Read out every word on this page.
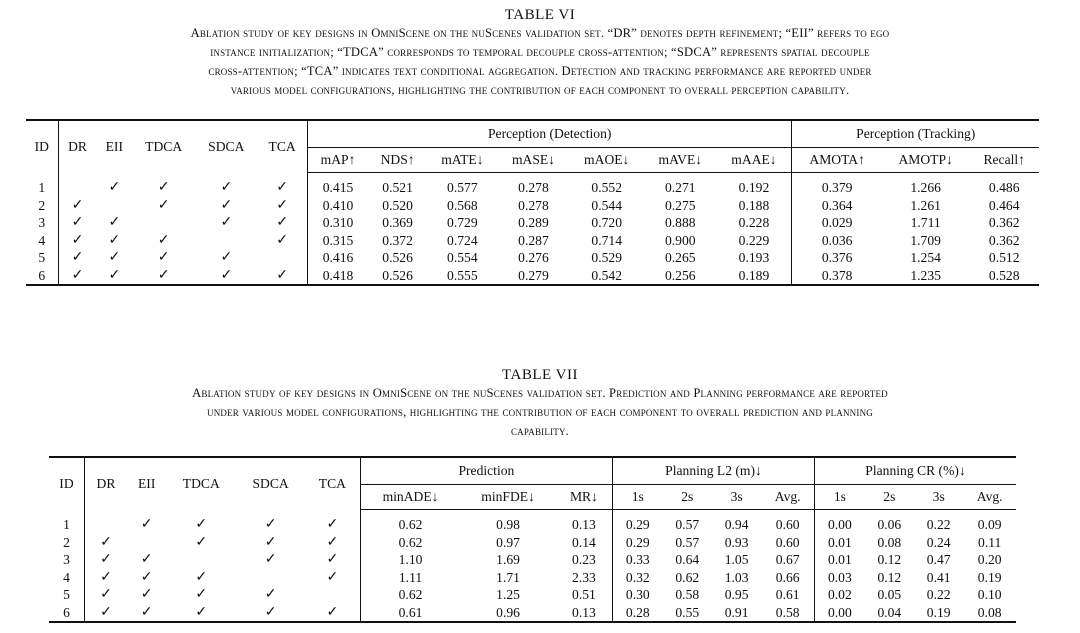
TABLE VI

Ablation study of key designs in OmniScene on the nuScenes validation set. “DR” denotes depth refinement; “EII” refers to ego
instance initialization; “TDCA” corresponds to temporal decouple cross-attention; “SDCA” represents spatial decouple
cross-attention; “TCA” indicates text conditional aggregation. Detection and tracking performance are reported under
various model configurations, highlighting the contribution of each component to overall perception capability.

ID	DR	EII	TDCA	SDCA	TCA	Perception (Detection)							Perception (Tracking)		
						mAP↑	NDS↑	mATE↓	mASE↓	mAOE↓	mAVE↓	mAAE↓	AMOTA↑	AMOTP↓	Recall↑
1		✓	✓	✓	✓	0.415	0.521	0.577	0.278	0.552	0.271	0.192	0.379	1.266	0.486
2	✓		✓	✓	✓	0.410	0.520	0.568	0.278	0.544	0.275	0.188	0.364	1.261	0.464
3	✓	✓		✓	✓	0.310	0.369	0.729	0.289	0.720	0.888	0.228	0.029	1.711	0.362
4	✓	✓	✓		✓	0.315	0.372	0.724	0.287	0.714	0.900	0.229	0.036	1.709	0.362
5	✓	✓	✓	✓		0.416	0.526	0.554	0.276	0.529	0.265	0.193	0.376	1.254	0.512
6	✓	✓	✓	✓	✓	0.418	0.526	0.555	0.279	0.542	0.256	0.189	0.378	1.235	0.528

TABLE VII

Ablation study of key designs in OmniScene on the nuScenes validation set. Prediction and Planning performance are reported
under various model configurations, highlighting the contribution of each component to overall prediction and planning
capability.

ID	DR	EII	TDCA	SDCA	TCA	Prediction			Planning L2 (m)↓				Planning CR (%)↓			
						minADE↓	minFDE↓	MR↓	1s	2s	3s	Avg.	1s	2s	3s	Avg.
1		✓	✓	✓	✓	0.62	0.98	0.13	0.29	0.57	0.94	0.60	0.00	0.06	0.22	0.09
2	✓		✓	✓	✓	0.62	0.97	0.14	0.29	0.57	0.93	0.60	0.01	0.08	0.24	0.11
3	✓	✓		✓	✓	1.10	1.69	0.23	0.33	0.64	1.05	0.67	0.01	0.12	0.47	0.20
4	✓	✓	✓		✓	1.11	1.71	2.33	0.32	0.62	1.03	0.66	0.03	0.12	0.41	0.19
5	✓	✓	✓	✓		0.62	1.25	0.51	0.30	0.58	0.95	0.61	0.02	0.05	0.22	0.10
6	✓	✓	✓	✓	✓	0.61	0.96	0.13	0.28	0.55	0.91	0.58	0.00	0.04	0.19	0.08
